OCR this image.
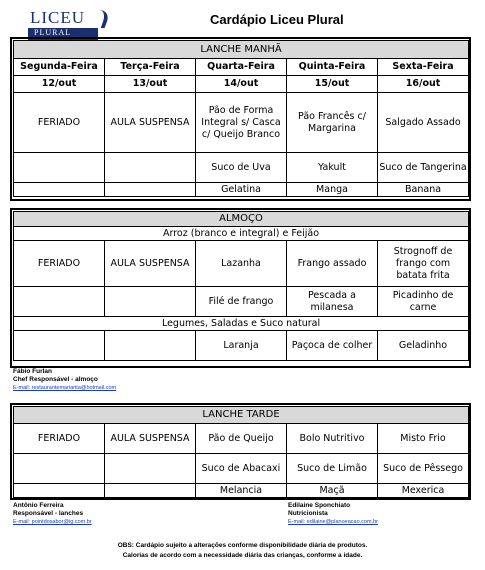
LICEU
PLURAL
Cardápio Liceu Plural
LANCHE MANHÃ				
Segunda-Feira	Terça-Feira	Quarta-Feira	Quinta-Feira	Sexta-Feira
12/out	13/out	14/out	15/out	16/out
FERIADO	AULA SUSPENSA	Pão de Forma Integral s/ Casca c/ Queijo Branco	Pão Francês c/ Margarina	Salgado Assado
		Suco de Uva	Yakult	Suco de Tangerina
		Gelatina	Manga	Banana
ALMOÇO				
Arroz (branco e integral) e Feijão				
FERIADO	AULA SUSPENSA	Lazanha	Frango assado	Strognoff de frango com batata frita
		Filé de frango	Pescada a milanesa	Picadinho de carne
Legumes, Saladas e Suco natural				
		Laranja	Paçoca de colher	Geladinho
Fábio Furlan
Chef Responsável - almoço
E-mail: restaurantemariarita@hotmail.com
LANCHE TARDE				
FERIADO	AULA SUSPENSA	Pão de Queijo	Bolo Nutritivo	Misto Frio
		Suco de Abacaxi	Suco de Limão	Suco de Pêssego
		Melancia	Maçã	Mexerica
Antônio Ferreira
Responsável - lanches
E-mail: pointdosabor@ig.com.br
Edilaine Sponchiato
Nutricionista
E-mail: edilaine@planoeacao.com.br
OBS: Cardápio sujeito a alterações conforme disponibilidade diária de produtos.
Calorias de acordo com a necessidade diária das crianças, conforme a idade.
